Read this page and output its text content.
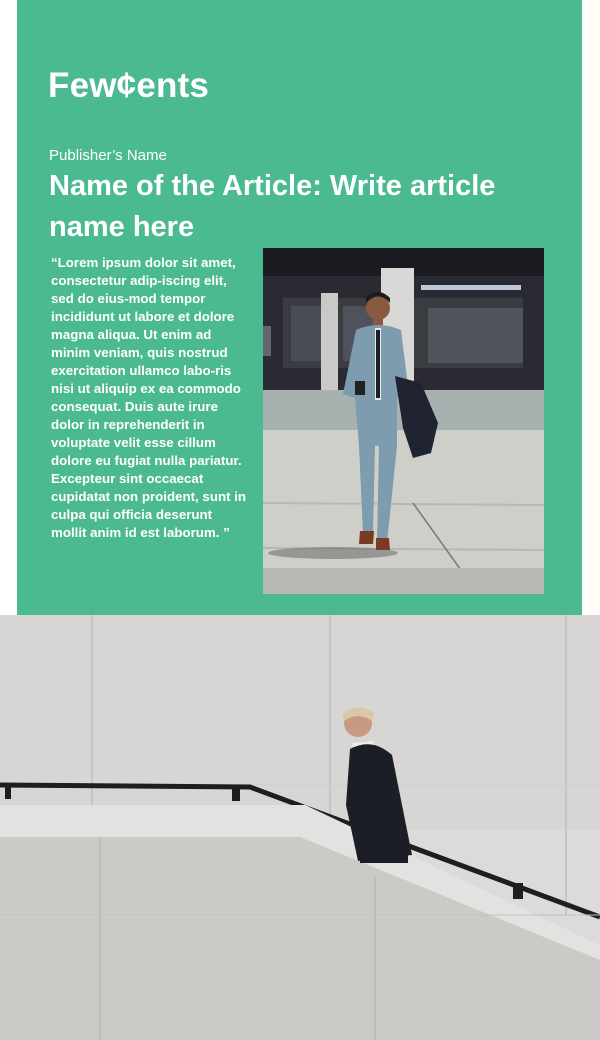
Few¢ents
Publisher’s Name
Name of the Article: Write article name here
“Lorem ipsum dolor sit amet, consectetur adip-iscing elit, sed do eius-mod tempor incididunt ut labore et dolore magna aliqua. Ut enim ad minim veniam, quis nostrud exercitation ullamco labo-ris nisi ut aliquip ex ea commodo consequat. Duis aute irure dolor in reprehenderit in voluptate velit esse cillum dolore eu fugiat nulla pariatur. Excepteur sint occaecat cupidatat non proident, sunt in culpa qui officia deserunt mollit anim id est laborum. ”
